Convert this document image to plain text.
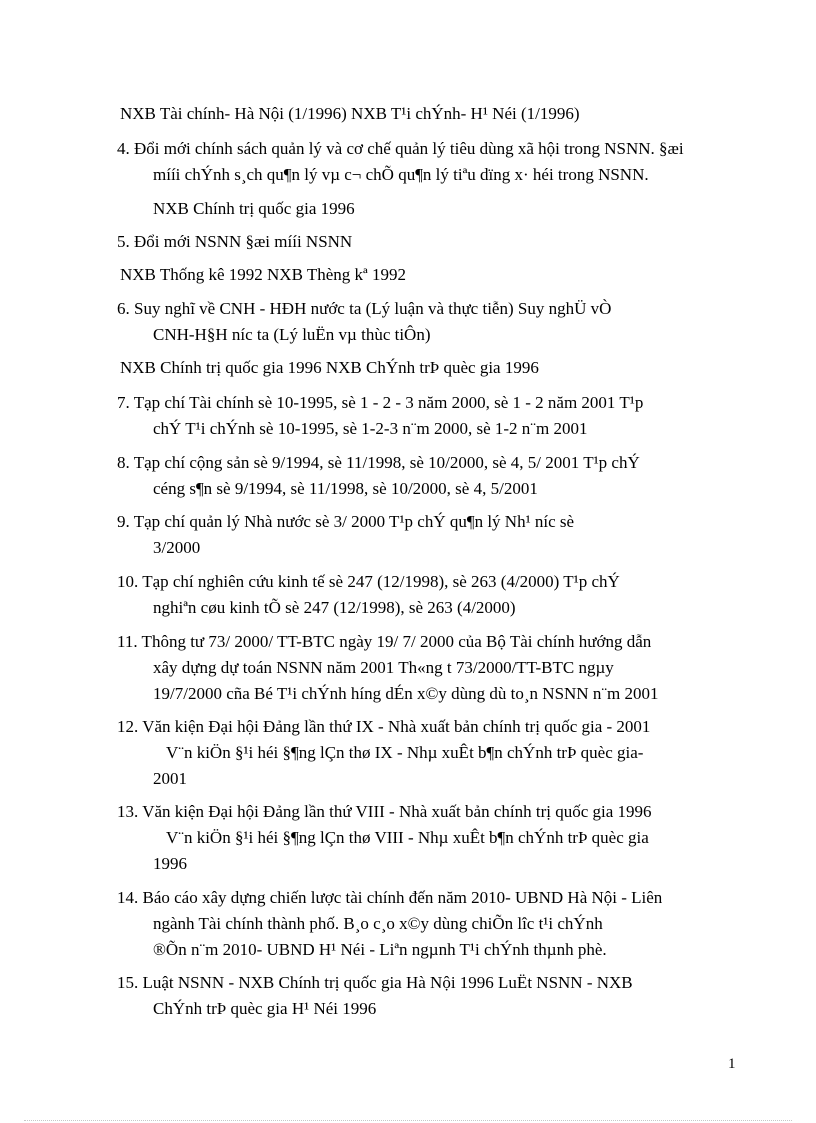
NXB Tài chính- Hà Nội (1/1996) NXB T¹i chÝnh- H¹ Néi (1/1996)
4. Đổi mới chính sách quản lý và cơ chế quản lý tiêu dùng xã hội trong NSNN. §æi
mííi chÝnh s¸ch qu¶n lý vµ c¬ chÕ qu¶n lý tiªu dïng x· héi trong NSNN.
NXB Chính trị quốc gia 1996
5. Đổi mới NSNN §æi mííi NSNN
NXB Thống kê 1992 NXB Thèng kª 1992
6. Suy nghĩ về CNH - HĐH nước ta (Lý luận và thực tiễn) Suy nghÜ vÒ
CNH-H§H níc ta (Lý luËn vµ thùc tiÔn)
NXB Chính trị quốc gia 1996 NXB ChÝnh trÞ quèc gia 1996
7. Tạp chí Tài chính sè 10-1995, sè 1 - 2 - 3 năm 2000, sè 1 - 2 năm 2001 T¹p
chÝ T¹i chÝnh sè 10-1995, sè 1-2-3 n¨m 2000, sè 1-2 n¨m 2001
8. Tạp chí cộng sản sè 9/1994, sè 11/1998, sè 10/2000, sè 4, 5/ 2001 T¹p chÝ
céng s¶n sè 9/1994, sè 11/1998, sè 10/2000, sè 4, 5/2001
9. Tạp chí quản lý Nhà nước sè 3/ 2000 T¹p chÝ qu¶n lý Nh¹ níc sè
3/2000
10. Tạp chí nghiên cứu kinh tế sè 247 (12/1998), sè 263 (4/2000) T¹p chÝ
nghiªn cøu kinh tÕ sè 247 (12/1998), sè 263 (4/2000)
11. Thông tư 73/ 2000/ TT-BTC ngày 19/ 7/ 2000 của Bộ Tài chính hướng dẫn
xây dựng dự toán NSNN năm 2001 Th«ng t 73/2000/TT-BTC ngµy
19/7/2000 cña Bé T¹i chÝnh híng dÉn x©y dùng dù to¸n NSNN n¨m 2001
12. Văn kiện Đại hội Đảng lần thứ IX - Nhà xuất bản chính trị quốc gia - 2001
V¨n kiÖn §¹i héi §¶ng lÇn thø IX - Nhµ xuÊt b¶n chÝnh trÞ quèc gia-
2001
13. Văn kiện Đại hội Đảng lần thứ VIII - Nhà xuất bản chính trị quốc gia 1996
V¨n kiÖn §¹i héi §¶ng lÇn thø VIII - Nhµ xuÊt b¶n chÝnh trÞ quèc gia
1996
14. Báo cáo xây dựng chiến lược tài chính đến năm 2010- UBND Hà Nội - Liên
ngành Tài chính thành phố. B¸o c¸o x©y dùng chiÕn lîc t¹i chÝnh
®Õn n¨m 2010- UBND H¹ Néi - Liªn ngµnh T¹i chÝnh thµnh phè.
15. Luật NSNN - NXB Chính trị quốc gia Hà Nội 1996 LuËt NSNN - NXB
ChÝnh trÞ quèc gia H¹ Néi 1996
1
